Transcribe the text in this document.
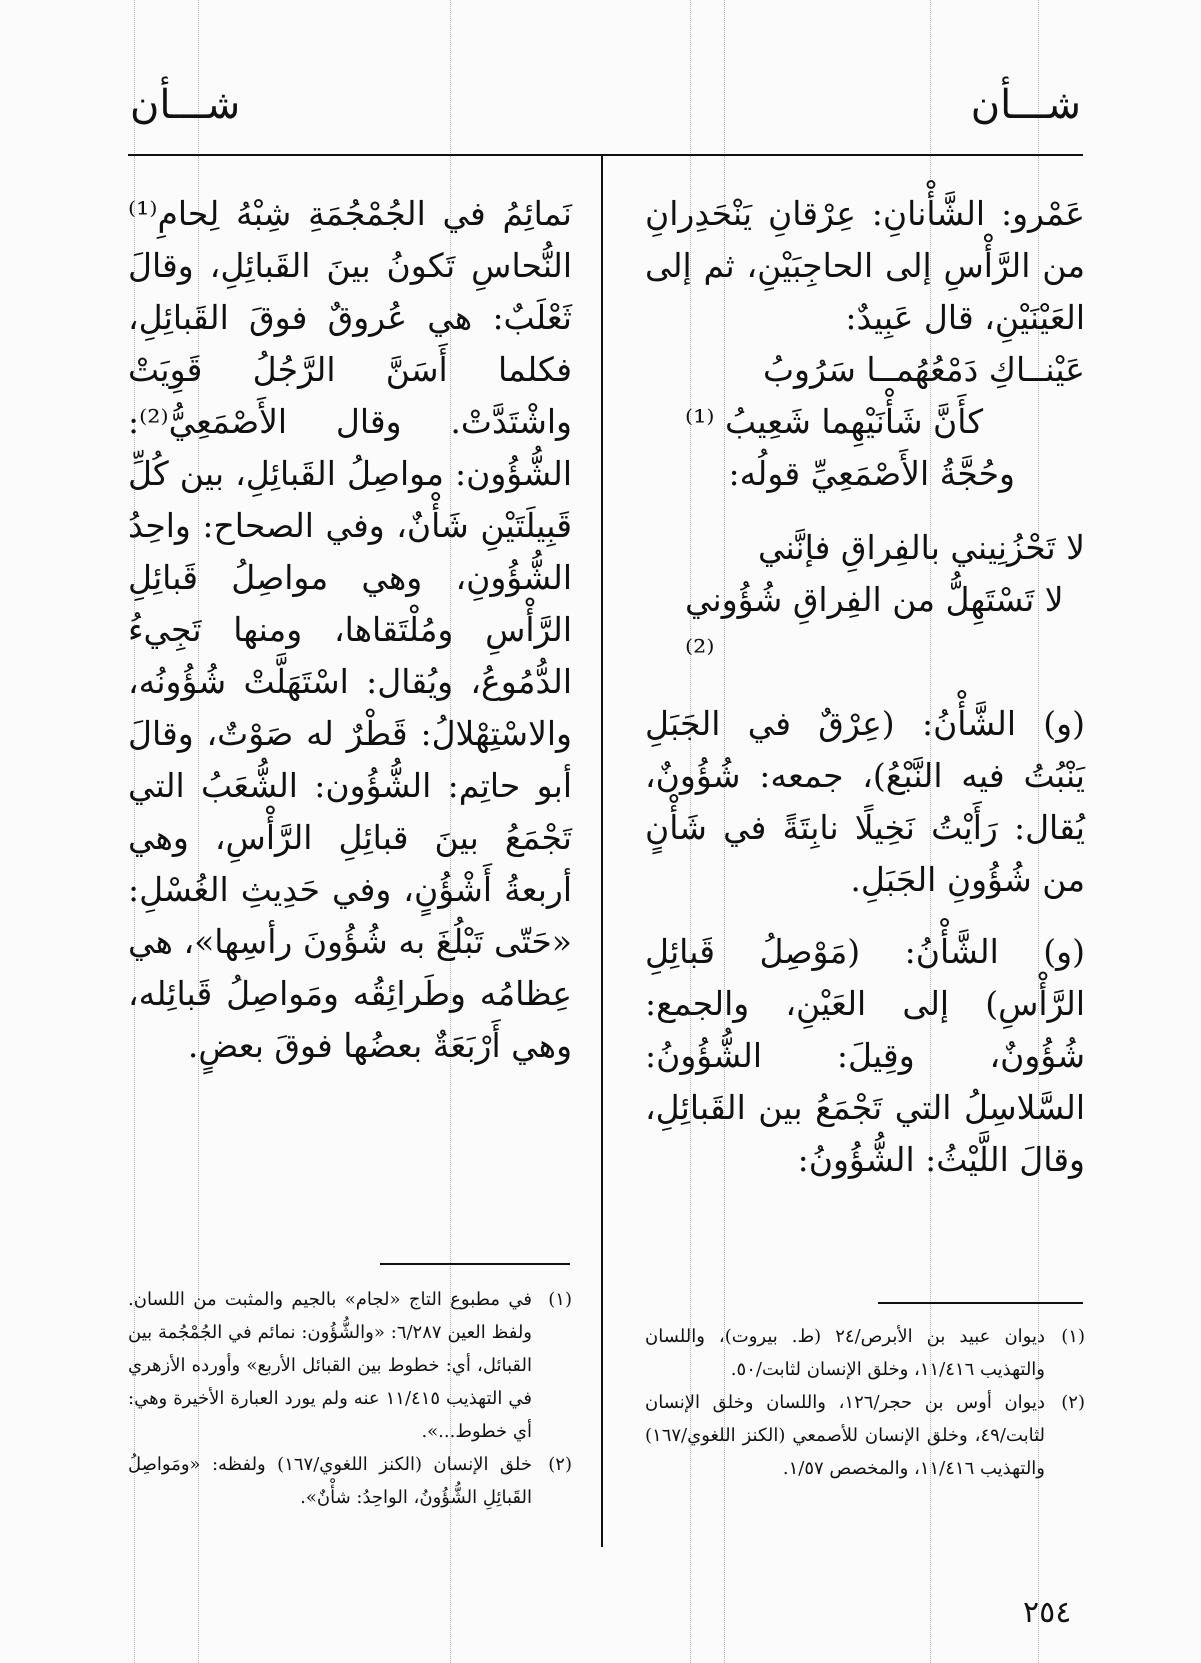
شـــأن
شـــأن

عَمْرو: الشَّأْنانِ: عِرْقانِ يَنْحَدِرانِ من الرَّأْسِ إلى الحاجِبَيْنِ، ثم إلى العَيْنَيْنِ، قال عَبِيدٌ:

عَيْنــاكِ دَمْعُهُمــا سَرُوبُ

كأَنَّ شَأْنَيْهِما شَعِيبُ ⁽¹⁾

وحُجَّةُ الأَصْمَعِيِّ قولُه:

لا تَحْزُنِيني بالفِراقِ فإنَّني

لا تَسْتَهِلُّ من الفِراقِ شُؤُوني ⁽²⁾

(و) الشَّأْنُ: (عِرْقٌ في الجَبَلِ يَنْبُتُ فيه النَّبْعُ)، جمعه: شُؤُونٌ، يُقال: رَأَيْتُ نَخِيلًا نابِتَةً في شَأْنٍ من شُؤُونِ الجَبَلِ.

(و) الشَّأْنُ: (مَوْصِلُ قَبائِلِ الرَّأْسِ) إلى العَيْنِ، والجمع: شُؤُونٌ، وقِيلَ: الشُّؤُونُ: السَّلاسِلُ التي تَجْمَعُ بين القَبائِلِ، وقالَ اللَّيْثُ: الشُّؤُونُ:

نَمائِمُ في الجُمْجُمَةِ شِبْهُ لِحامِ⁽¹⁾ النُّحاسِ تَكونُ بينَ القَبائِلِ، وقالَ ثَعْلَبٌ: هي عُروقٌ فوقَ القَبائِلِ، فكلما أَسَنَّ الرَّجُلُ قَوِيَتْ واشْتَدَّتْ. وقال الأَصْمَعِيُّ⁽²⁾: الشُّؤُون: مواصِلُ القَبائِلِ، بين كُلِّ قَبِيلَتَيْنِ شَأْنٌ، وفي الصحاح: واحِدُ الشُّؤُونِ، وهي مواصِلُ قَبائِلِ الرَّأْسِ ومُلْتَقاها، ومنها تَجِيءُ الدُّمُوعُ، ويُقال: اسْتَهَلَّتْ شُؤُونُه، والاسْتِهْلالُ: قَطْرٌ له صَوْتٌ، وقالَ أبو حاتِم: الشُّؤُون: الشُّعَبُ التي تَجْمَعُ بينَ قبائِلِ الرَّأْسِ، وهي أربعةُ أَشْؤُنٍ، وفي حَدِيثِ الغُسْلِ: «حَتّى تَبْلُغَ به شُؤُونَ رأسِها»، هي عِظامُه وطَرائِقُه ومَواصِلُ قَبائِله، وهي أَرْبَعَةٌ بعضُها فوقَ بعضٍ.

(١)
ديوان عبيد بن الأبرص/٢٤ (ط. بيروت)، واللسان والتهذيب ١١/٤١٦، وخلق الإنسان لثابت/٥٠.
(٢)
ديوان أوس بن حجر/١٢٦، واللسان وخلق الإنسان لثابت/٤٩، وخلق الإنسان للأصمعي (الكنز اللغوي/١٦٧) والتهذيب ١١/٤١٦، والمخصص ١/٥٧.
(١)
في مطبوع التاج «لجام» بالجيم والمثبت من اللسان. ولفظ العين ٦/٢٨٧: «والشُّؤُون: نمائم في الجُمْجُمة بين القبائل، أي: خطوط بين القبائل الأربع» وأورده الأزهري في التهذيب ١١/٤١٥ عنه ولم يورد العبارة الأخيرة وهي: أي خطوط...».
(٢)
خلق الإنسان (الكنز اللغوي/١٦٧) ولفظه: «ومَواصِلُ القَبائِلِ الشُّؤُونُ، الواحِدُ: شأْنٌ».
٢٥٤
